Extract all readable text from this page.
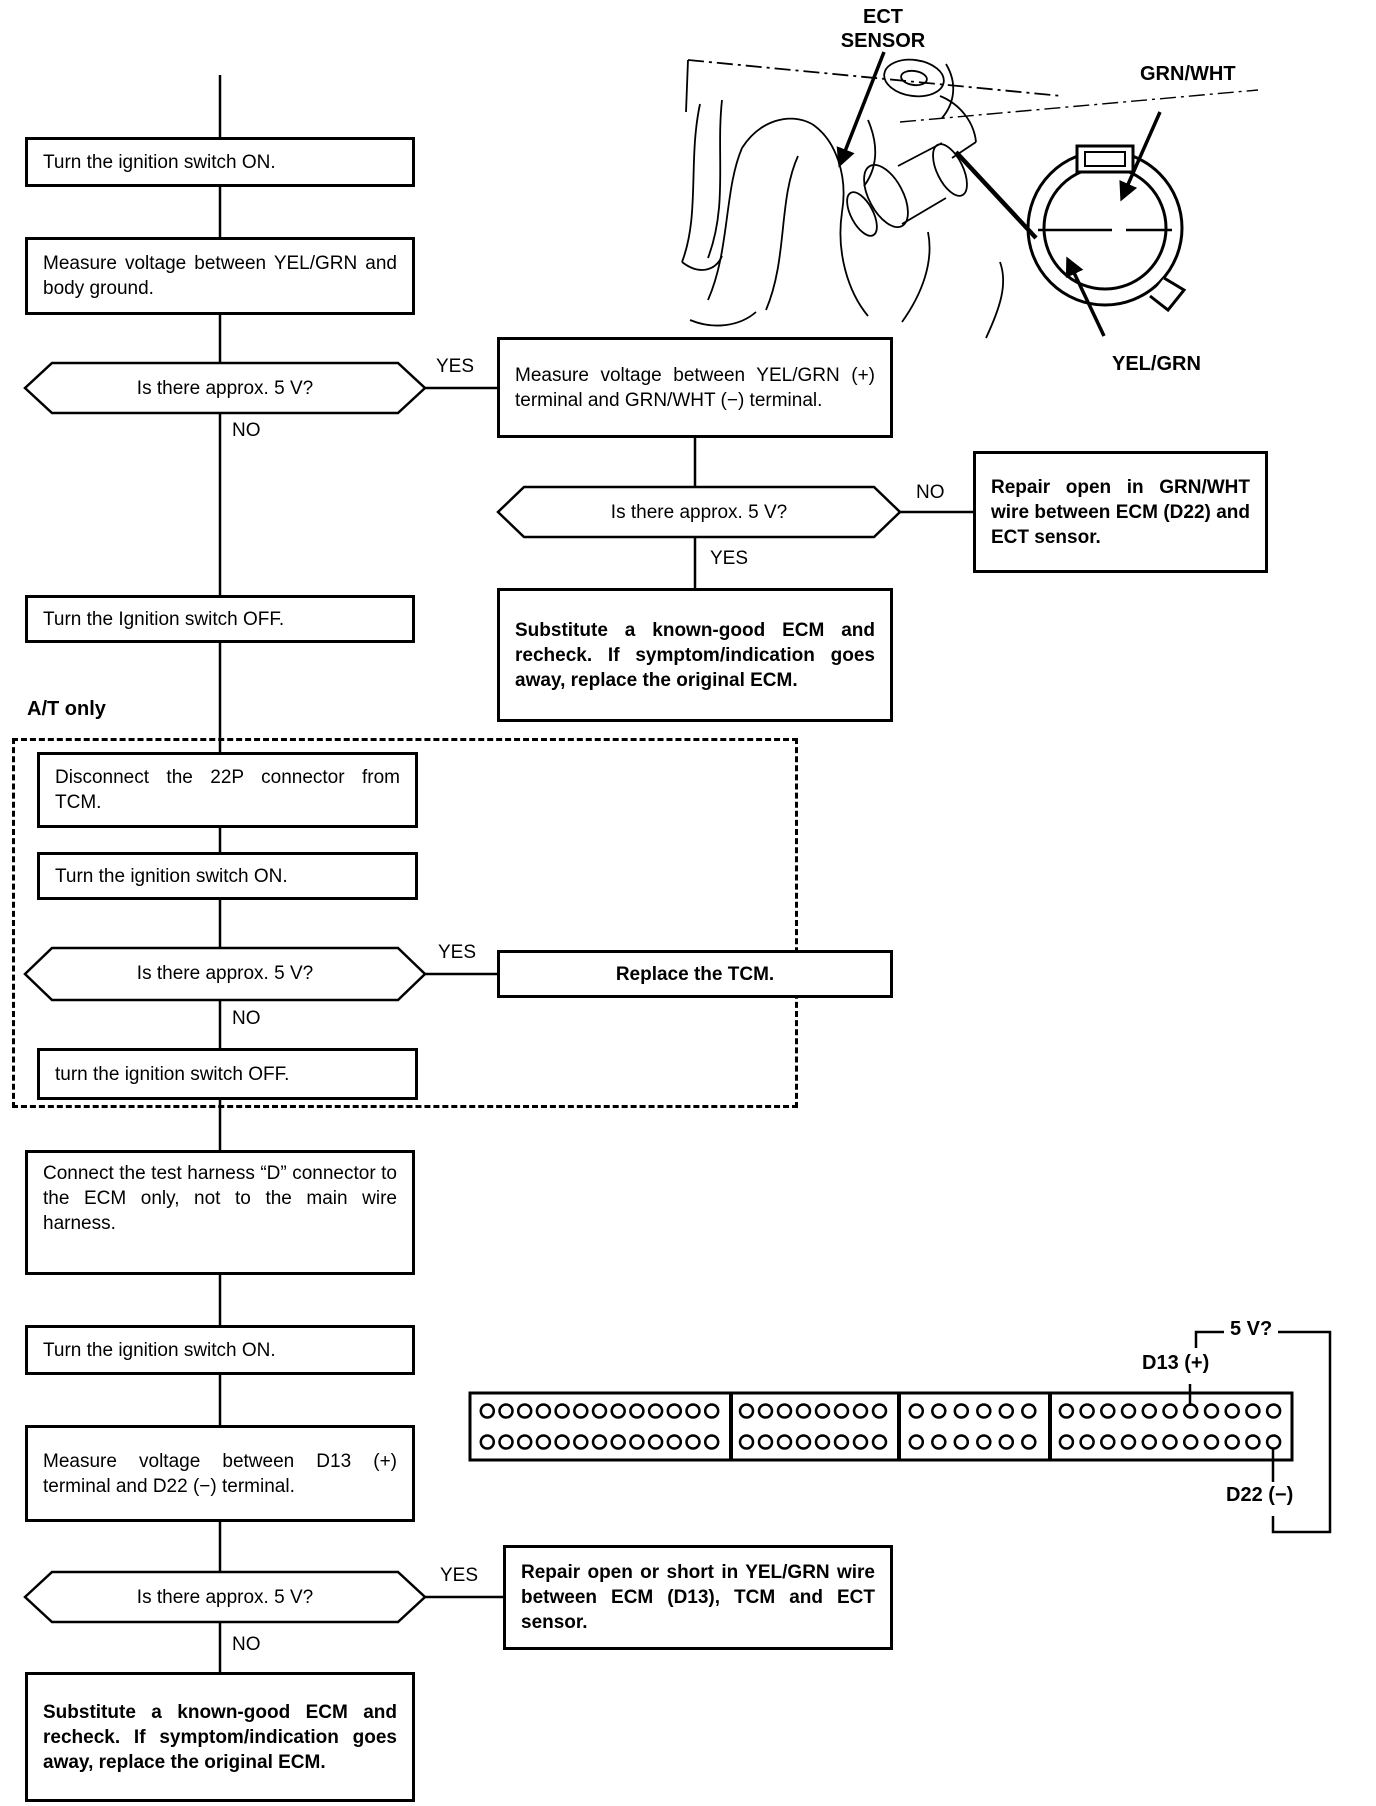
Turn the ignition switch ON.
Measure voltage between YEL/GRN and body ground.
Measure voltage between YEL/GRN (+) terminal and GRN/WHT (−) terminal.
Repair open in GRN/WHT wire between ECM (D22) and ECT sensor.
Turn the Ignition switch OFF.
Substitute a known-good ECM and recheck. If symptom/indication goes away, replace the original ECM.
A/T only
Disconnect the 22P connector from TCM.
Turn the ignition switch ON.
Replace the TCM.
turn the ignition switch OFF.
Connect the test harness “D” connector to the ECM only, not to the main wire harness.
Turn the ignition switch ON.
Measure voltage between D13 (+) terminal and D22 (−) terminal.
Repair open or short in YEL/GRN wire between ECM (D13), TCM and ECT sensor.
Substitute a known-good ECM and recheck. If symptom/indication goes away, replace the original ECM.
Is there approx. 5 V?
Is there approx. 5 V?
Is there approx. 5 V?
Is there approx. 5 V?
YES
NO
NO
YES
YES
NO
YES
NO
ECT SENSOR
GRN/WHT
YEL/GRN
5 V?
D13 (+)
D22 (−)
